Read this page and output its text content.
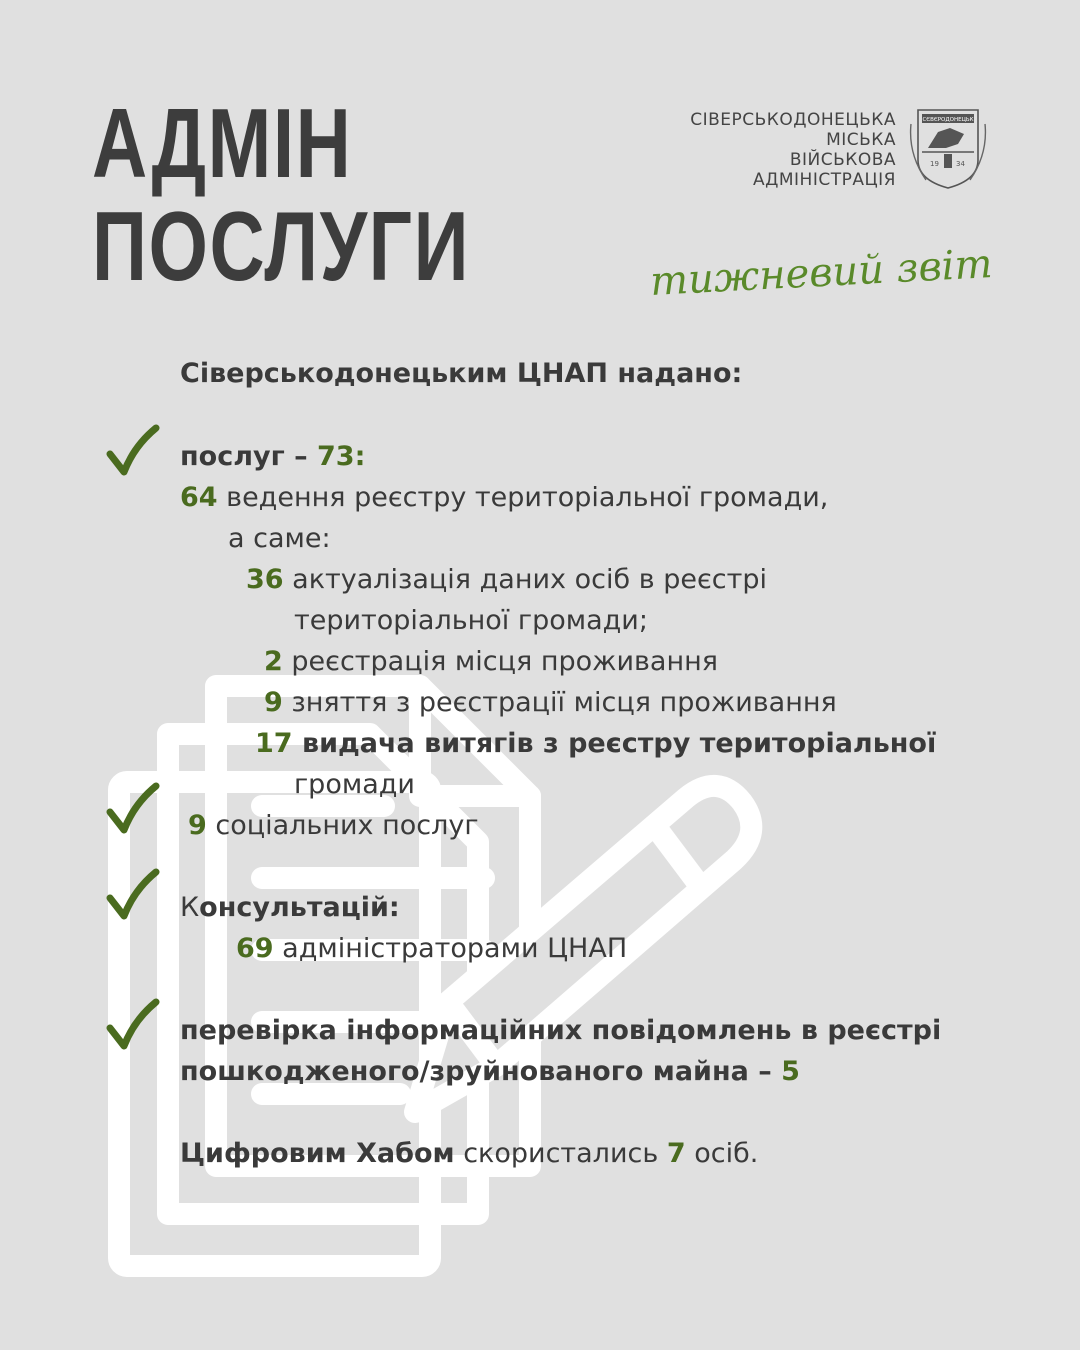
АДМІН
ПОСЛУГИ
СІВЕРСЬКОДОНЕЦЬКА
МІСЬКА
ВІЙСЬКОВА
АДМІНІСТРАЦІЯ
СЄВЄРОДОНЕЦЬК
19 34
тижневий звіт
Сіверськодонецьким ЦНАП надано:
послуг – 73:
64 ведення реєстру територіальної громади,
а саме:
36 актуалізація даних осіб в реєстрі
територіальної громади;
2 реєстрація місця проживання
9 зняття з реєстрації місця проживання
17 видача витягів з реєстру територіальної
громади
9 соціальних послуг
Консультацій:
69 адміністраторами ЦНАП
перевірка інформаційних повідомлень в реєстрі
пошкодженого/зруйнованого майна – 5
Цифровим Хабом скористались 7 осіб.
